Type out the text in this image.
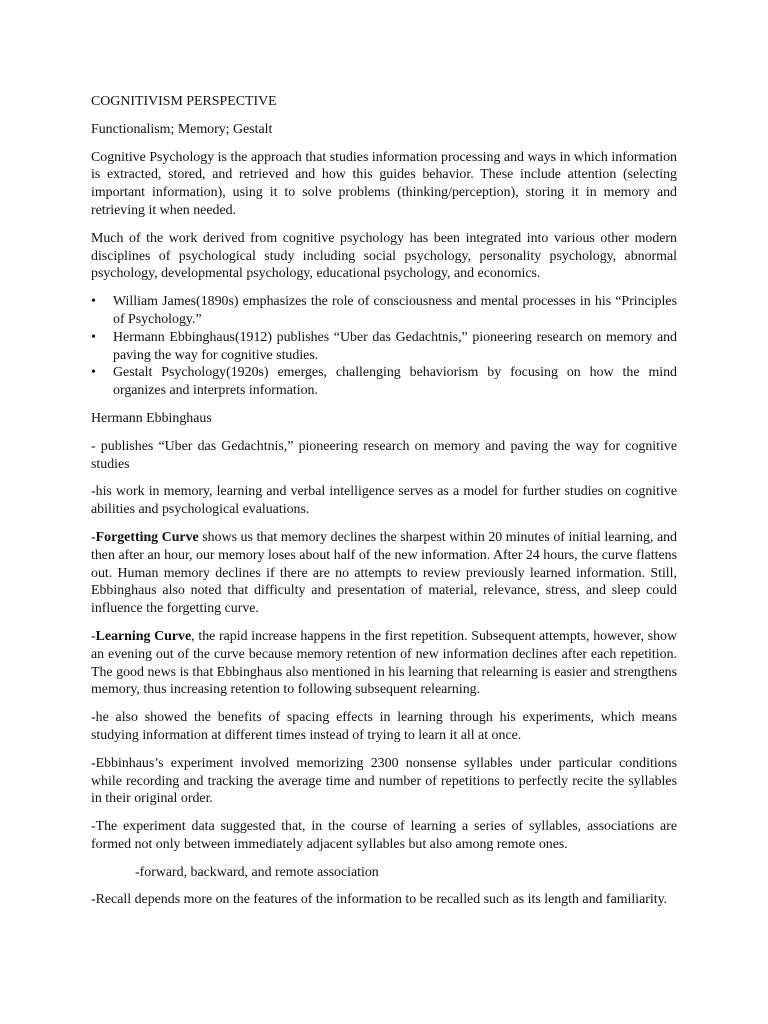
COGNITIVISM PERSPECTIVE

Functionalism; Memory; Gestalt

Cognitive Psychology is the approach that studies information processing and ways in which information is extracted, stored, and retrieved and how this guides behavior. These include attention (selecting important information), using it to solve problems (thinking/perception), storing it in memory and retrieving it when needed.

Much of the work derived from cognitive psychology has been integrated into various other modern disciplines of psychological study including social psychology, personality psychology, abnormal psychology, developmental psychology, educational psychology, and economics.

• William James(1890s) emphasizes the role of consciousness and mental processes in his “Principles of Psychology.”
• Hermann Ebbinghaus(1912) publishes “Uber das Gedachtnis,” pioneering research on memory and paving the way for cognitive studies.
• Gestalt Psychology(1920s) emerges, challenging behaviorism by focusing on how the mind organizes and interprets information.

Hermann Ebbinghaus

- publishes “Uber das Gedachtnis,” pioneering research on memory and paving the way for cognitive studies

-his work in memory, learning and verbal intelligence serves as a model for further studies on cognitive abilities and psychological evaluations.

-Forgetting Curve shows us that memory declines the sharpest within 20 minutes of initial learning, and then after an hour, our memory loses about half of the new information. After 24 hours, the curve flattens out. Human memory declines if there are no attempts to review previously learned information. Still, Ebbinghaus also noted that difficulty and presentation of material, relevance, stress, and sleep could influence the forgetting curve.

-Learning Curve, the rapid increase happens in the first repetition. Subsequent attempts, however, show an evening out of the curve because memory retention of new information declines after each repetition. The good news is that Ebbinghaus also mentioned in his learning that relearning is easier and strengthens memory, thus increasing retention to following subsequent relearning.

-he also showed the benefits of spacing effects in learning through his experiments, which means studying information at different times instead of trying to learn it all at once.

-Ebbinhaus’s experiment involved memorizing 2300 nonsense syllables under particular conditions while recording and tracking the average time and number of repetitions to perfectly recite the syllables in their original order.

-The experiment data suggested that, in the course of learning a series of syllables, associations are formed not only between immediately adjacent syllables but also among remote ones.

-forward, backward, and remote association

-Recall depends more on the features of the information to be recalled such as its length and familiarity.
